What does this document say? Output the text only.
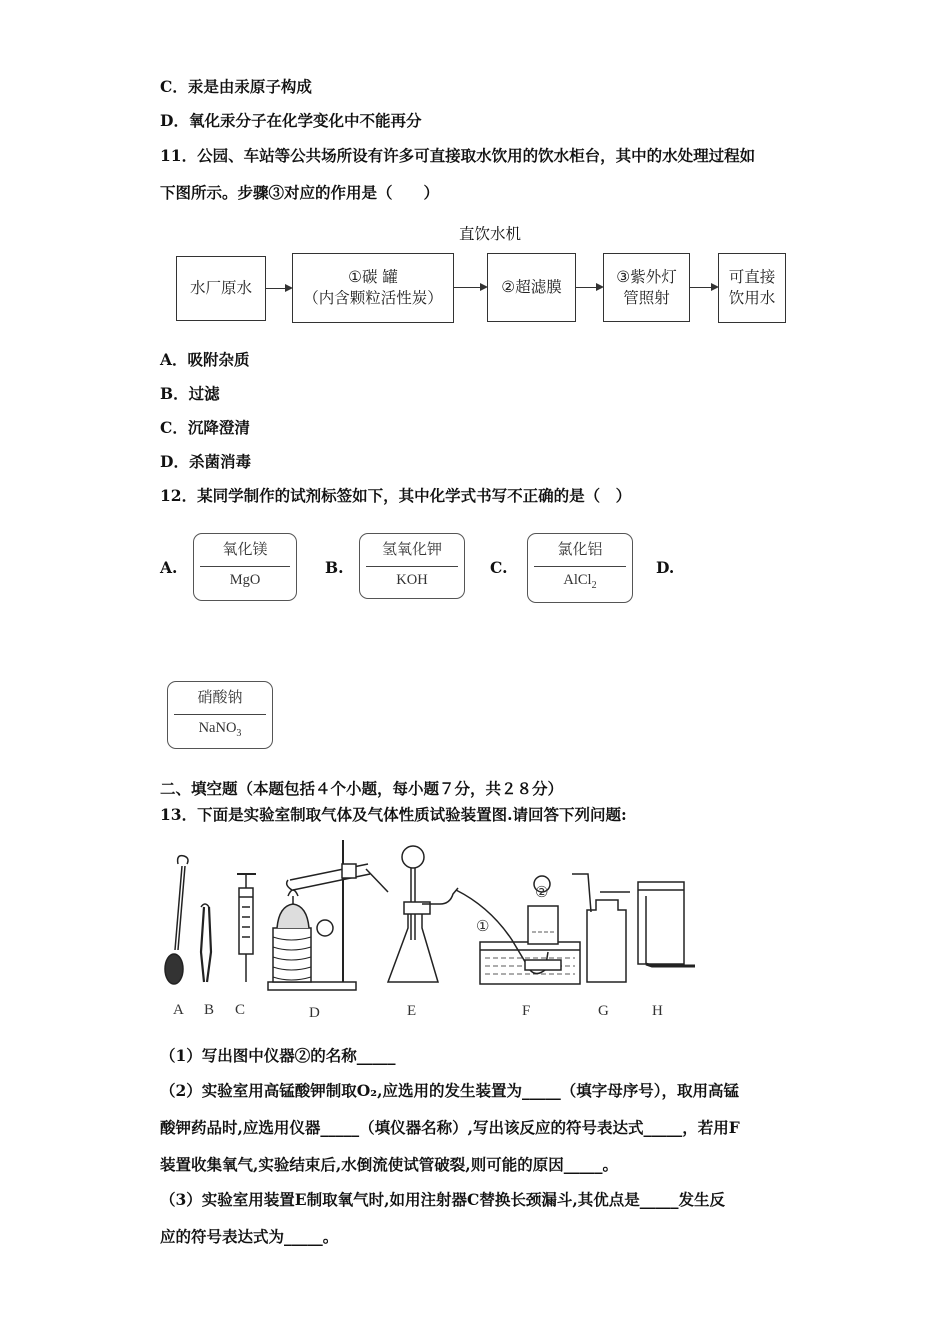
C．汞是由汞原子构成
D．氧化汞分子在化学变化中不能再分
11．公园、车站等公共场所设有许多可直接取水饮用的饮水柜台，其中的水处理过程如
下图所示。步骤③对应的作用是（　　）
直饮水机
水厂原水
①碳 罐
（内含颗粒活性炭）
②超滤膜
③紫外灯
管照射
可直接
饮用水
A．吸附杂质
B．过滤
C．沉降澄清
D．杀菌消毒
12．某同学制作的试剂标签如下，其中化学式书写不正确的是（　）
A.
氧化镁
MgO
B.
氢氧化钾
KOH
C.
氯化铝
AlCl$_2$
D.
硝酸钠
NaNO$_3$
二、填空题（本题包括４个小题，每小题７分，共２８分）
13．下面是实验室制取气体及气体性质试验装置图.请回答下列问题:
①
②
A B C	D	E	F	G	H
（1）写出图中仪器②的名称_____
（2）实验室用高锰酸钾制取O₂,应选用的发生装置为_____（填字母序号），取用高锰
酸钾药品时,应选用仪器_____（填仪器名称）,写出该反应的符号表达式_____，若用F
装置收集氧气,实验结束后,水倒流使试管破裂,则可能的原因_____。
（3）实验室用装置E制取氧气时,如用注射器C替换长颈漏斗,其优点是_____发生反
应的符号表达式为_____。
